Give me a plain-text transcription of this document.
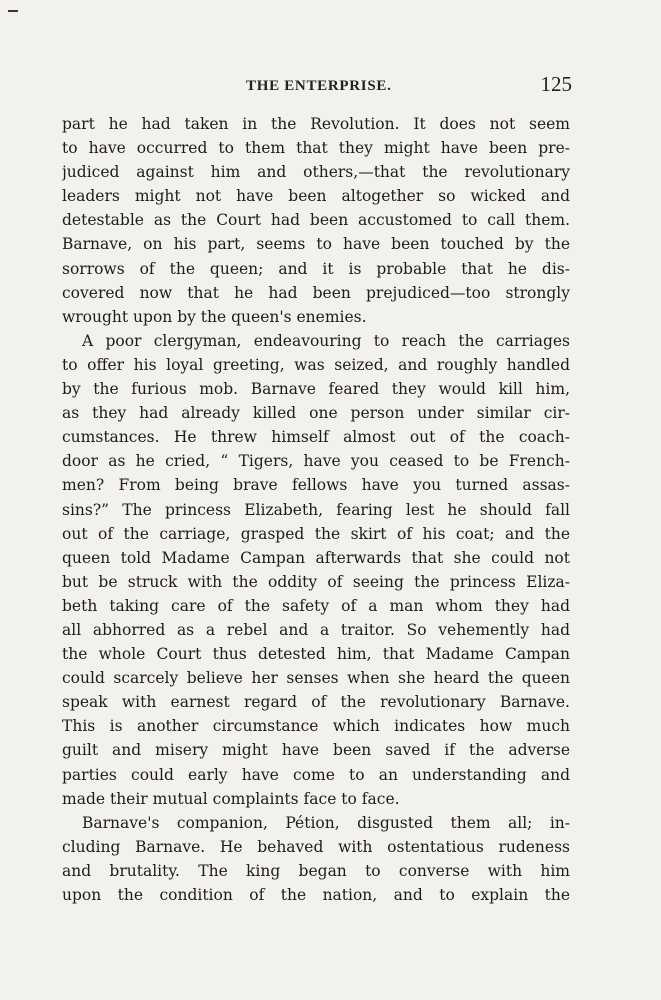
THE ENTERPRISE.	125
part he had taken in the Revolution. It does not seem
to have occurred to them that they might have been pre-
judiced against him and others,—that the revolutionary
leaders might not have been altogether so wicked and
detestable as the Court had been accustomed to call them.
Barnave, on his part, seems to have been touched by the
sorrows of the queen; and it is probable that he dis-
covered now that he had been prejudiced—too strongly
wrought upon by the queen's enemies.
A poor clergyman, endeavouring to reach the carriages
to offer his loyal greeting, was seized, and roughly handled
by the furious mob. Barnave feared they would kill him,
as they had already killed one person under similar cir-
cumstances. He threw himself almost out of the coach-
door as he cried, “ Tigers, have you ceased to be French-
men? From being brave fellows have you turned assas-
sins?” The princess Elizabeth, fearing lest he should fall
out of the carriage, grasped the skirt of his coat; and the
queen told Madame Campan afterwards that she could not
but be struck with the oddity of seeing the princess Eliza-
beth taking care of the safety of a man whom they had
all abhorred as a rebel and a traitor. So vehemently had
the whole Court thus detested him, that Madame Campan
could scarcely believe her senses when she heard the queen
speak with earnest regard of the revolutionary Barnave.
This is another circumstance which indicates how much
guilt and misery might have been saved if the adverse
parties could early have come to an understanding and
made their mutual complaints face to face.
Barnave's companion, Pétion, disgusted them all; in-
cluding Barnave. He behaved with ostentatious rudeness
and brutality. The king began to converse with him
upon the condition of the nation, and to explain the
